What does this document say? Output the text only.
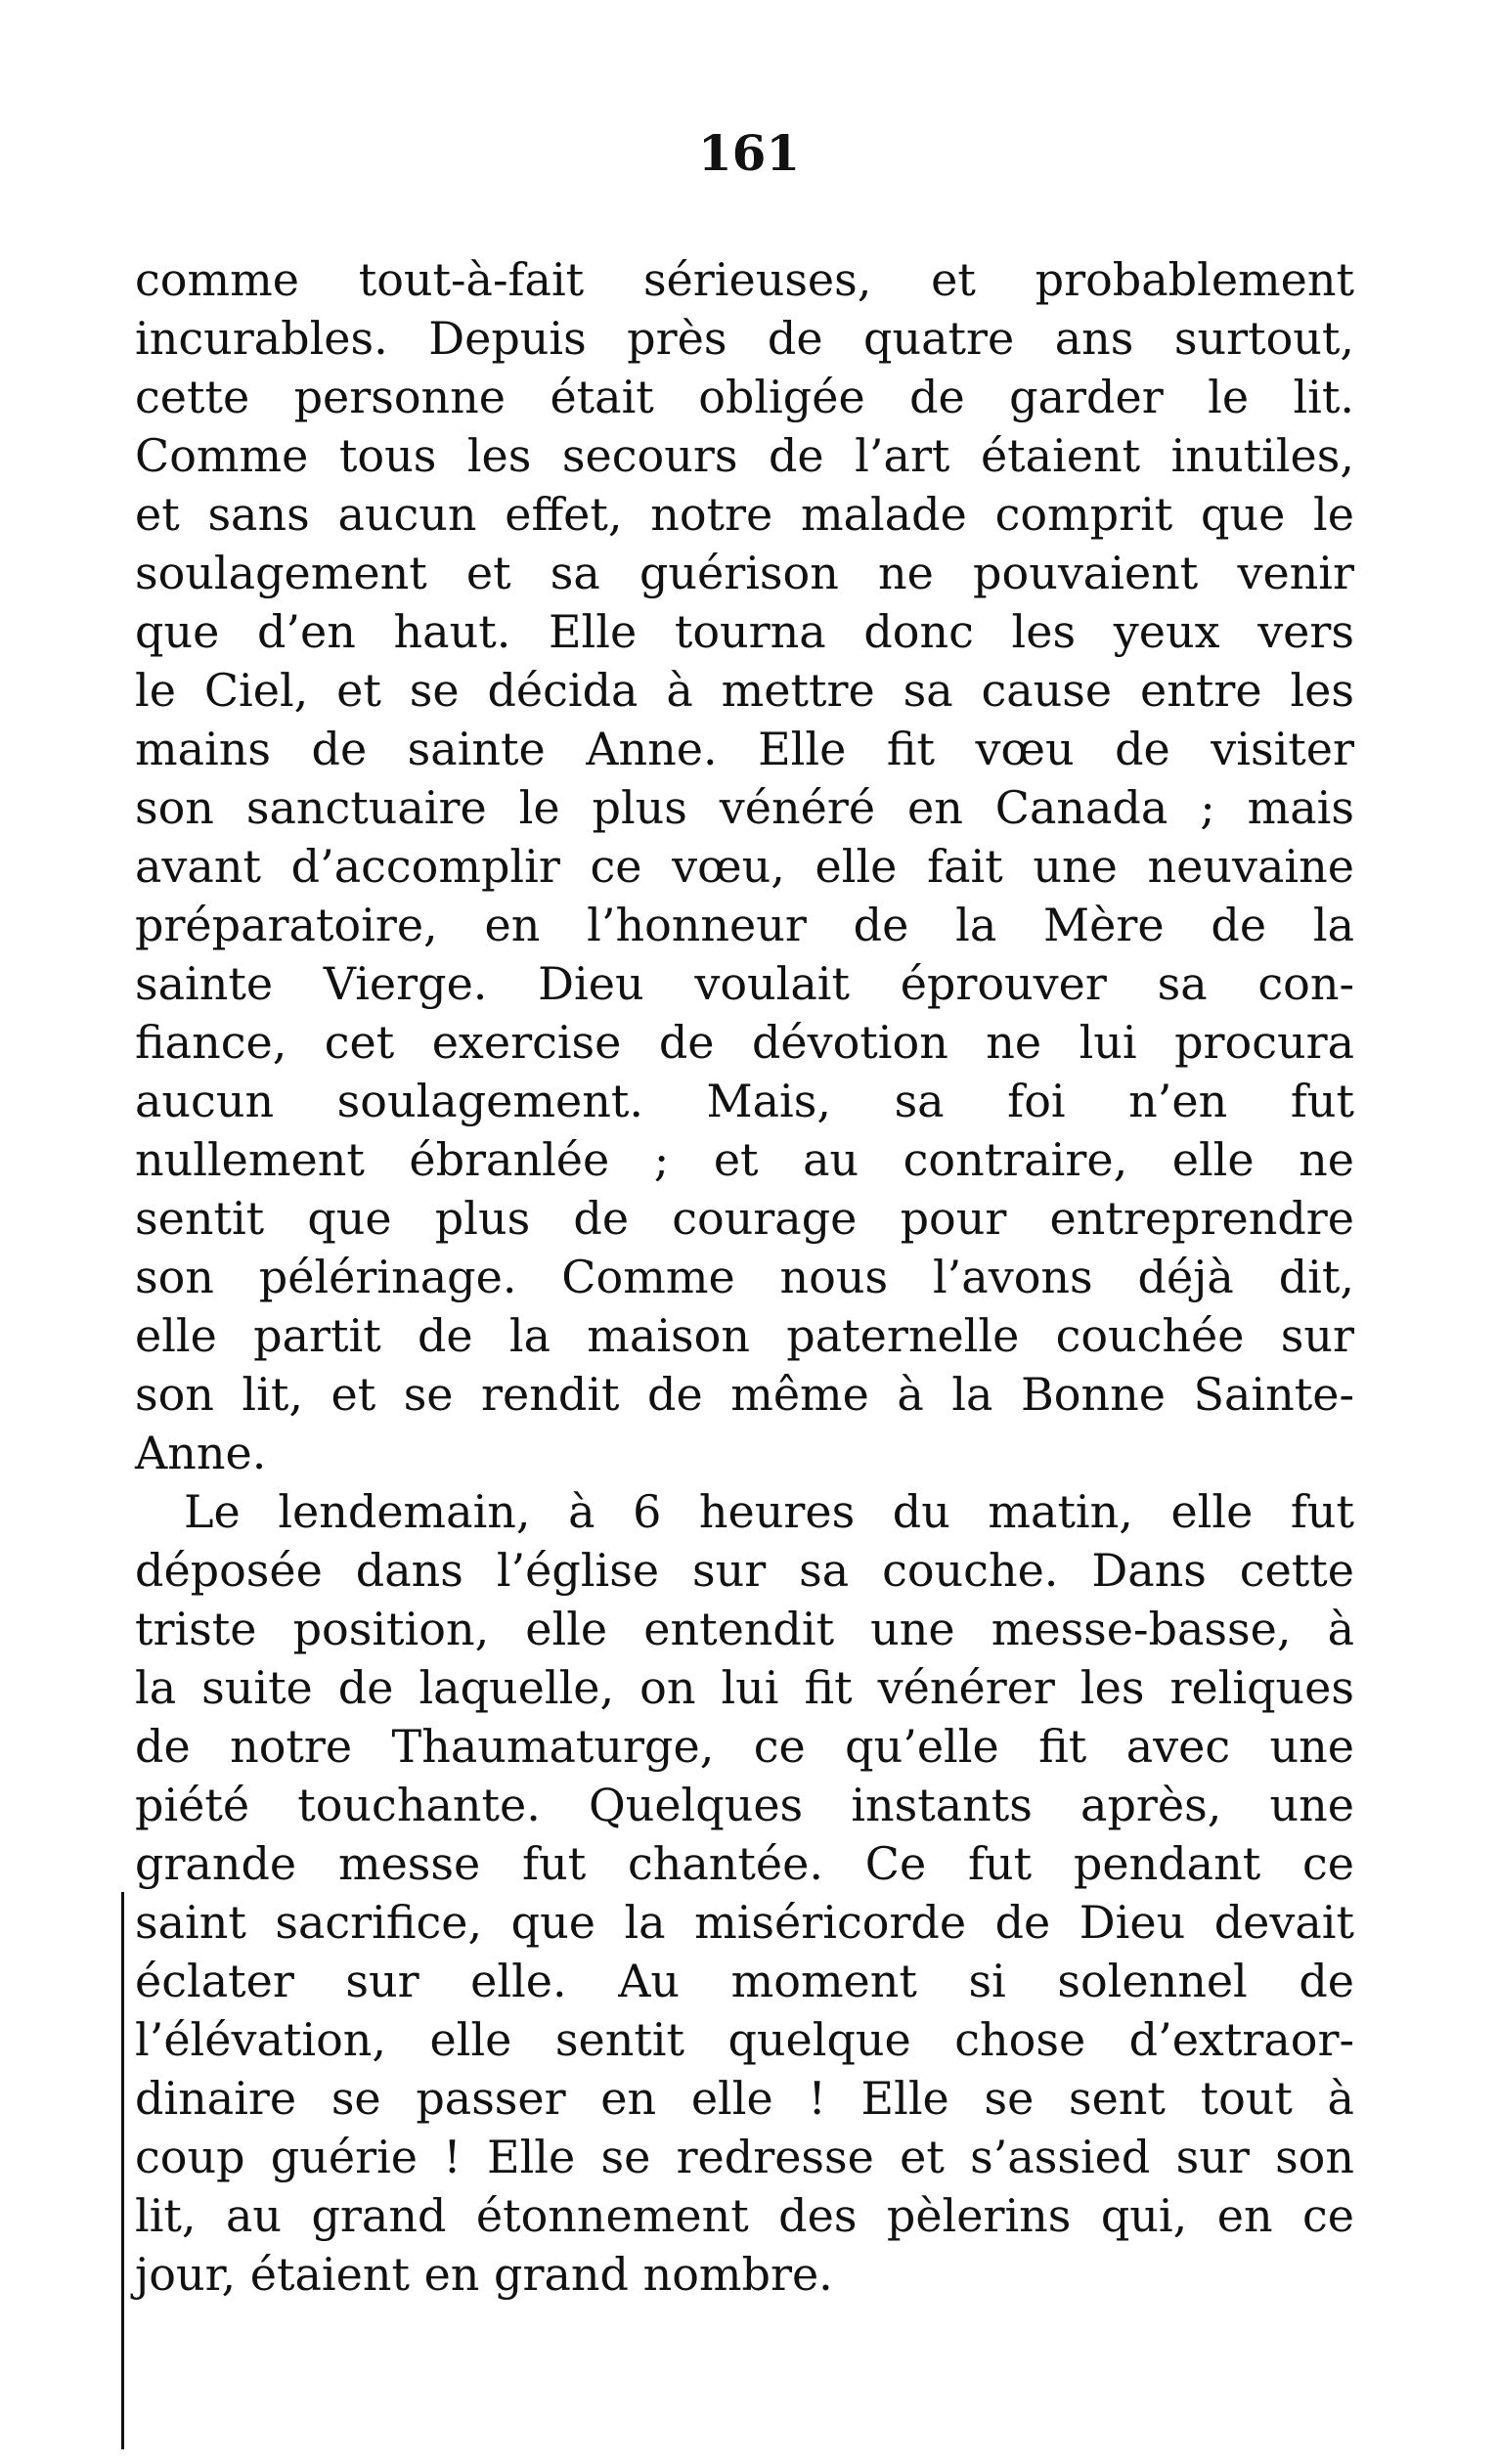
161
comme tout-à-fait sérieuses, et probablement
incurables. Depuis près de quatre ans surtout,
cette personne était obligée de garder le lit.
Comme tous les secours de l’art étaient inutiles,
et sans aucun effet, notre malade comprit que le
soulagement et sa guérison ne pouvaient venir
que d’en haut. Elle tourna donc les yeux vers
le Ciel, et se décida à mettre sa cause entre les
mains de sainte Anne. Elle fit vœu de visiter
son sanctuaire le plus vénéré en Canada ; mais
avant d’accomplir ce vœu, elle fait une neuvaine
préparatoire, en l’honneur de la Mère de la
sainte Vierge. Dieu voulait éprouver sa con-
fiance, cet exercise de dévotion ne lui procura
aucun soulagement. Mais, sa foi n’en fut
nullement ébranlée ; et au contraire, elle ne
sentit que plus de courage pour entreprendre
son pélérinage. Comme nous l’avons déjà dit,
elle partit de la maison paternelle couchée sur
son lit, et se rendit de même à la Bonne Sainte-
Anne.
Le lendemain, à 6 heures du matin, elle fut
déposée dans l’église sur sa couche. Dans cette
triste position, elle entendit une messe-basse, à
la suite de laquelle, on lui fit vénérer les reliques
de notre Thaumaturge, ce qu’elle fit avec une
piété touchante. Quelques instants après, une
grande messe fut chantée. Ce fut pendant ce
saint sacrifice, que la miséricorde de Dieu devait
éclater sur elle. Au moment si solennel de
l’élévation, elle sentit quelque chose d’extraor-
dinaire se passer en elle ! Elle se sent tout à
coup guérie ! Elle se redresse et s’assied sur son
lit, au grand étonnement des pèlerins qui, en ce
jour, étaient en grand nombre.
